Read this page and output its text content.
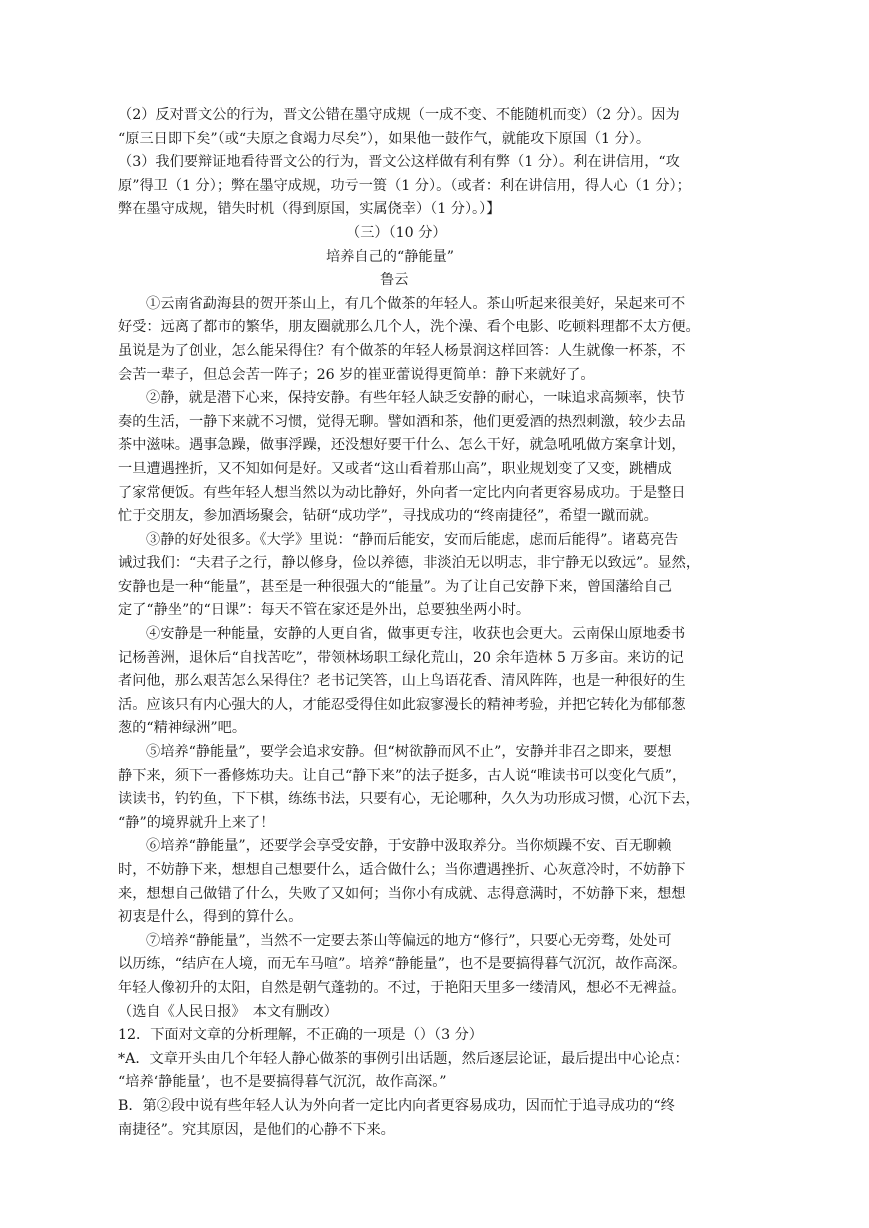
（2）反对晋文公的行为，晋文公错在墨守成规（一成不变、不能随机而变）（2 分）。因为
“原三日即下矣”（或“夫原之食竭力尽矣”），如果他一鼓作气，就能攻下原国（1 分）。
（3）我们要辩证地看待晋文公的行为，晋文公这样做有利有弊（1 分）。利在讲信用，“攻
原”得卫（1 分）；弊在墨守成规，功亏一篑（1 分）。（或者：利在讲信用，得人心（1 分）；
弊在墨守成规，错失时机（得到原国，实属侥幸）（1 分）。）】
（三）（10 分）
培养自己的“静能量”
鲁云
①云南省勐海县的贺开茶山上，有几个做茶的年轻人。茶山听起来很美好，呆起来可不
好受：远离了都市的繁华，朋友圈就那么几个人，洗个澡、看个电影、吃顿料理都不太方便。
虽说是为了创业，怎么能呆得住？有个做茶的年轻人杨景润这样回答：人生就像一杯茶，不
会苦一辈子，但总会苦一阵子；26 岁的崔亚蕾说得更简单：静下来就好了。
②静，就是潜下心来，保持安静。有些年轻人缺乏安静的耐心，一味追求高频率，快节
奏的生活，一静下来就不习惯，觉得无聊。譬如酒和茶，他们更爱酒的热烈刺激，较少去品
茶中滋味。遇事急躁，做事浮躁，还没想好要干什么、怎么干好，就急吼吼做方案拿计划，
一旦遭遇挫折，又不知如何是好。又或者“这山看着那山高”，职业规划变了又变，跳槽成
了家常便饭。有些年轻人想当然以为动比静好，外向者一定比内向者更容易成功。于是整日
忙于交朋友，参加酒场聚会，钻研“成功学”，寻找成功的“终南捷径”，希望一蹴而就。
③静的好处很多。《大学》里说：“静而后能安，安而后能虑，虑而后能得”。诸葛亮告
诫过我们：“夫君子之行，静以修身，俭以养德，非淡泊无以明志，非宁静无以致远”。显然，
安静也是一种“能量”，甚至是一种很强大的“能量”。为了让自己安静下来，曾国藩给自己
定了“静坐”的“日课”：每天不管在家还是外出，总要独坐两小时。
④安静是一种能量，安静的人更自省，做事更专注，收获也会更大。云南保山原地委书
记杨善洲，退休后“自找苦吃”，带领林场职工绿化荒山，20 余年造林 5 万多亩。来访的记
者问他，那么艰苦怎么呆得住？老书记笑答，山上鸟语花香、清风阵阵，也是一种很好的生
活。应该只有内心强大的人，才能忍受得住如此寂寥漫长的精神考验，并把它转化为郁郁葱
葱的“精神绿洲”吧。
⑤培养“静能量”，要学会追求安静。但“树欲静而风不止”，安静并非召之即来，要想
静下来，须下一番修炼功夫。让自己“静下来”的法子挺多，古人说“唯读书可以变化气质”，
读读书，钓钓鱼，下下棋，练练书法，只要有心，无论哪种，久久为功形成习惯，心沉下去，
“静”的境界就升上来了！
⑥培养“静能量”，还要学会享受安静，于安静中汲取养分。当你烦躁不安、百无聊赖
时，不妨静下来，想想自己想要什么，适合做什么；当你遭遇挫折、心灰意冷时，不妨静下
来，想想自己做错了什么，失败了又如何；当你小有成就、志得意满时，不妨静下来，想想
初衷是什么，得到的算什么。
⑦培养“静能量”，当然不一定要去茶山等偏远的地方“修行”，只要心无旁骛，处处可
以历练，“结庐在人境，而无车马喧”。培养“静能量”，也不是要搞得暮气沉沉，故作高深。
年轻人像初升的太阳，自然是朝气蓬勃的。不过，于艳阳天里多一缕清风，想必不无裨益。
（选自《人民日报》　本文有删改）
12．下面对文章的分析理解，不正确的一项是（）（3 分）
*A．文章开头由几个年轻人静心做茶的事例引出话题，然后逐层论证，最后提出中心论点：
“培养‘静能量’，也不是要搞得暮气沉沉，故作高深。”
B．第②段中说有些年轻人认为外向者一定比内向者更容易成功，因而忙于追寻成功的“终
南捷径”。究其原因，是他们的心静不下来。
